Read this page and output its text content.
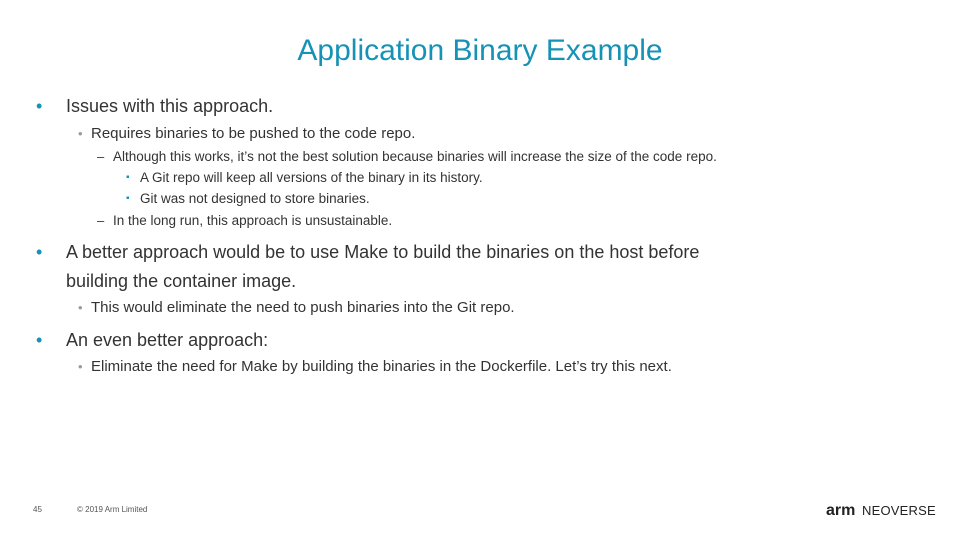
Application Binary Example
• Issues with this approach.
• Requires binaries to be pushed to the code repo.
– Although this works, it’s not the best solution because binaries will increase the size of the code repo.
▪ A Git repo will keep all versions of the binary in its history.
▪ Git was not designed to store binaries.
– In the long run, this approach is unsustainable.
• A better approach would be to use Make to build the binaries on the host before
building the container image.
• This would eliminate the need to push binaries into the Git repo.
• An even better approach:
• Eliminate the need for Make by building the binaries in the Dockerfile. Let’s try this next.
45	© 2019 Arm Limited	arm NEOVERSE
